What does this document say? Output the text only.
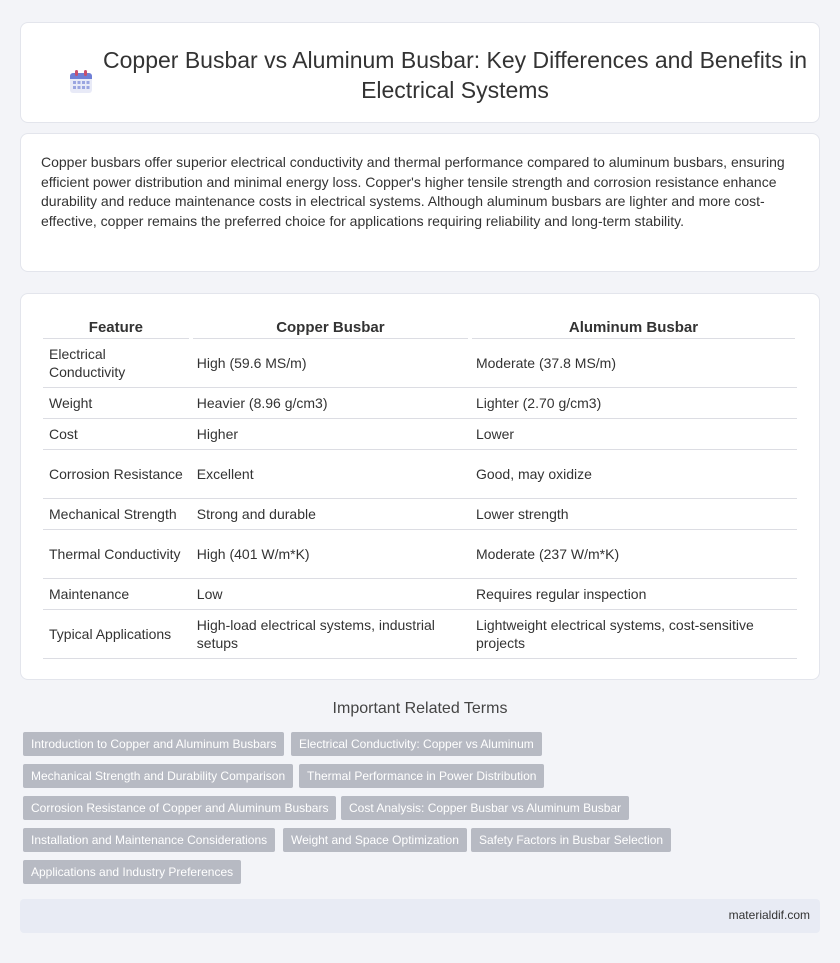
Copper Busbar vs Aluminum Busbar: Key Differences and Benefits in Electrical Systems

Copper busbars offer superior electrical conductivity and thermal performance compared to aluminum busbars, ensuring efficient power distribution and minimal energy loss. Copper's higher tensile strength and corrosion resistance enhance durability and reduce maintenance costs in electrical systems. Although aluminum busbars are lighter and more cost-effective, copper remains the preferred choice for applications requiring reliability and long-term stability.

Feature	Copper Busbar	Aluminum Busbar
Electrical Conductivity	High (59.6 MS/m)	Moderate (37.8 MS/m)
Weight	Heavier (8.96 g/cm3)	Lighter (2.70 g/cm3)
Cost	Higher	Lower
Corrosion Resistance	Excellent	Good, may oxidize
Mechanical Strength	Strong and durable	Lower strength
Thermal Conductivity	High (401 W/m*K)	Moderate (237 W/m*K)
Maintenance	Low	Requires regular inspection
Typical Applications	High-load electrical systems, industrial setups	Lightweight electrical systems, cost-sensitive projects
Important Related Terms
Introduction to Copper and Aluminum Busbars	Electrical Conductivity: Copper vs Aluminum
Mechanical Strength and Durability Comparison	Thermal Performance in Power Distribution
Corrosion Resistance of Copper and Aluminum Busbars	Cost Analysis: Copper Busbar vs Aluminum Busbar
Installation and Maintenance Considerations	Weight and Space Optimization	Safety Factors in Busbar Selection
Applications and Industry Preferences
materialdif.com
